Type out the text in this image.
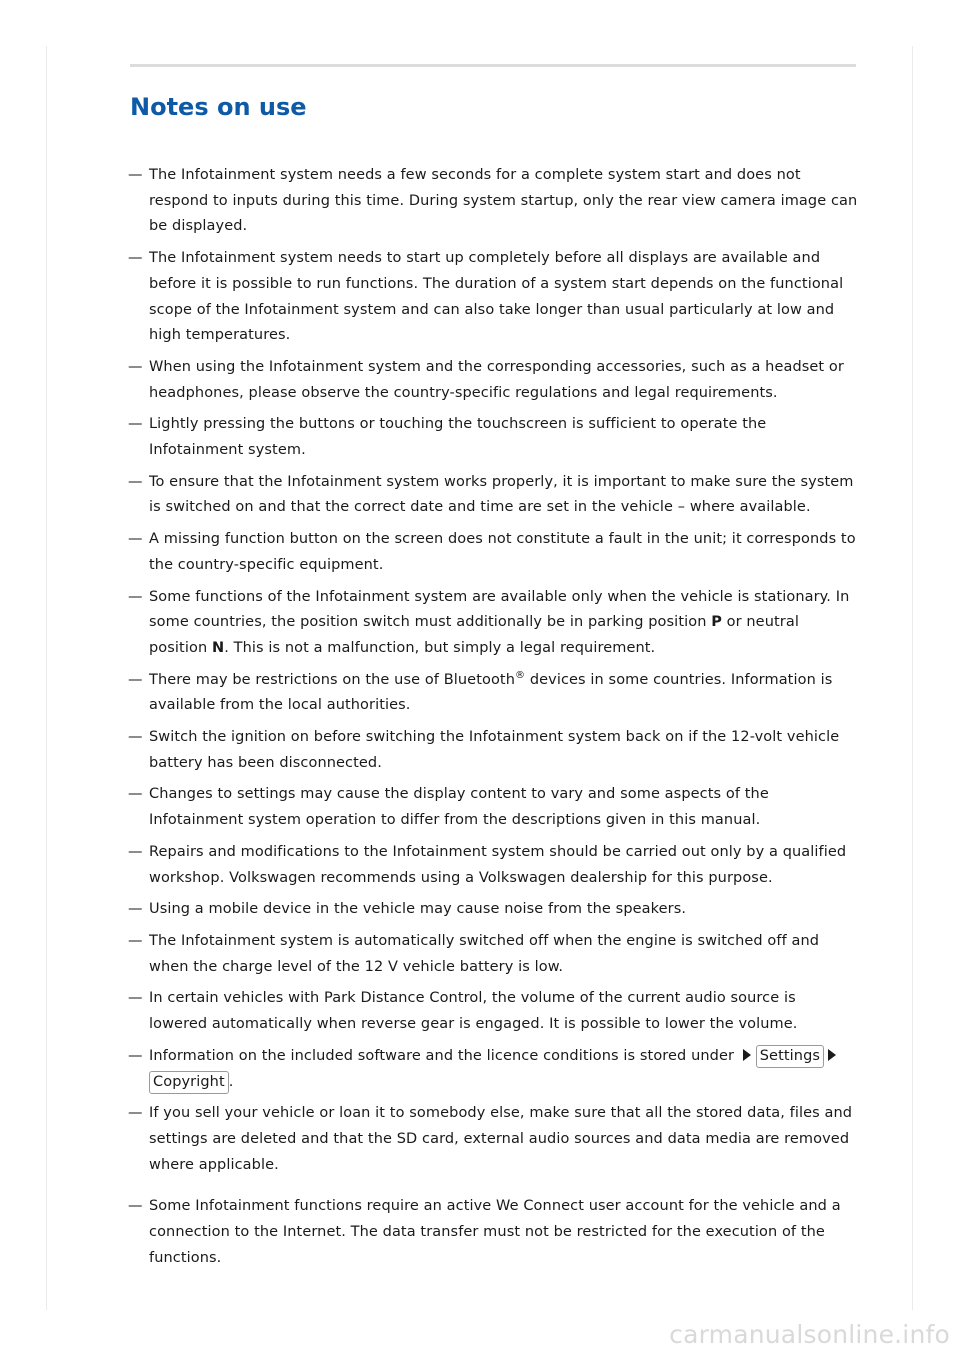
Notes on use
— The Infotainment system needs a few seconds for a complete system start and does not respond to inputs during this time. During system startup, only the rear view camera image can be displayed.
— The Infotainment system needs to start up completely before all displays are available and before it is possible to run functions. The duration of a system start depends on the functional scope of the Infotainment system and can also take longer than usual particularly at low and high temperatures.
— When using the Infotainment system and the corresponding accessories, such as a headset or headphones, please observe the country-specific regulations and legal requirements.
— Lightly pressing the buttons or touching the touchscreen is sufficient to operate the Infotainment system.
— To ensure that the Infotainment system works properly, it is important to make sure the system is switched on and that the correct date and time are set in the vehicle – where available.
— A missing function button on the screen does not constitute a fault in the unit; it corresponds to the country-specific equipment.
— Some functions of the Infotainment system are available only when the vehicle is stationary. In some countries, the position switch must additionally be in parking position P or neutral position N. This is not a malfunction, but simply a legal requirement.
— There may be restrictions on the use of Bluetooth® devices in some countries. Information is available from the local authorities.
— Switch the ignition on before switching the Infotainment system back on if the 12-volt vehicle battery has been disconnected.
— Changes to settings may cause the display content to vary and some aspects of the Infotainment system operation to differ from the descriptions given in this manual.
— Repairs and modifications to the Infotainment system should be carried out only by a qualified workshop. Volkswagen recommends using a Volkswagen dealership for this purpose.
— Using a mobile device in the vehicle may cause noise from the speakers.
— The Infotainment system is automatically switched off when the engine is switched off and when the charge level of the 12 V vehicle battery is low.
— In certain vehicles with Park Distance Control, the volume of the current audio source is lowered automatically when reverse gear is engaged. It is possible to lower the volume.
— Information on the included software and the licence conditions is stored under SettingsCopyright .
— If you sell your vehicle or loan it to somebody else, make sure that all the stored data, files and settings are deleted and that the SD card, external audio sources and data media are removed where applicable.
— Some Infotainment functions require an active We Connect user account for the vehicle and a connection to the Internet. The data transfer must not be restricted for the execution of the functions.
carmanualsonline.info
